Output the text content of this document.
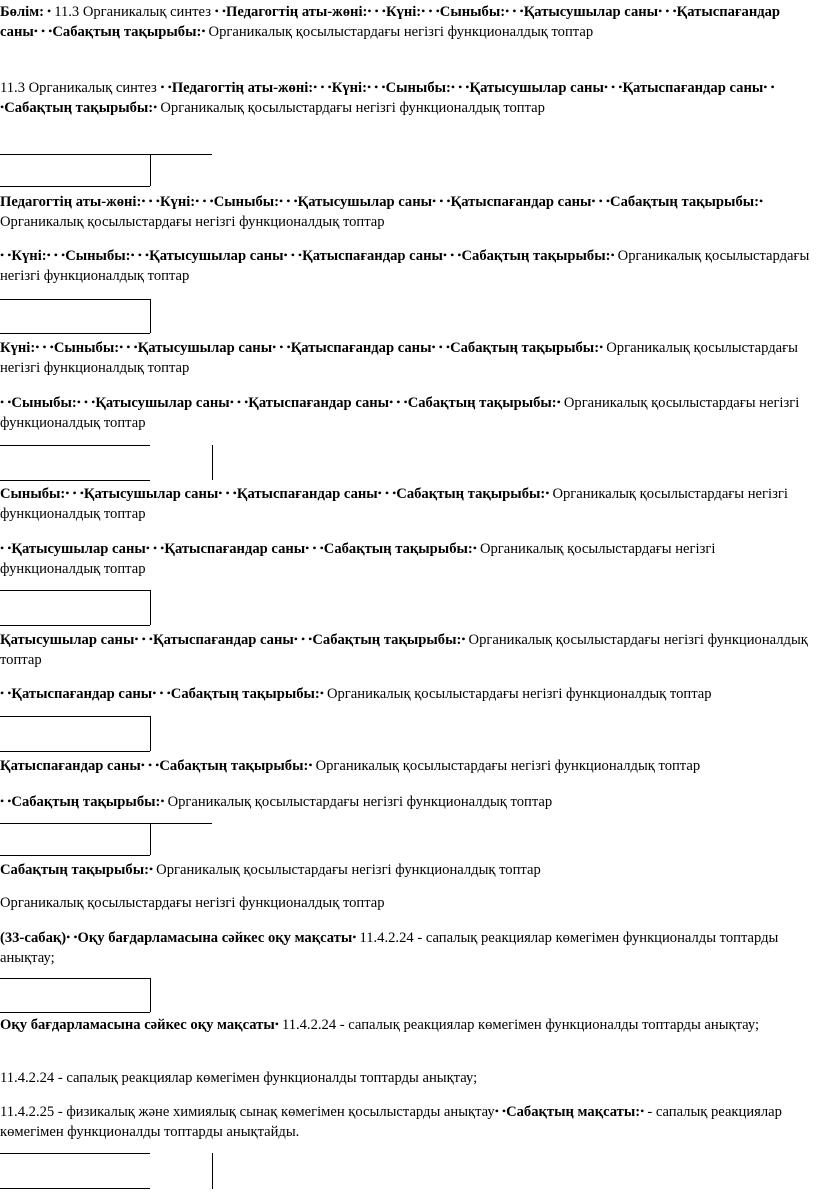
Бөлім: • 11.3 Органикалық синтез • •Педагогтің аты-жөні:• • •Күні:• • •Сыныбы:• • •Қатысушылар саны• • •Қатыспағандар саны• • •Сабақтың тақырыбы:• Органикалық қосылыстардағы негізгі функционалдық топтар

11.3 Органикалық синтез • •Педагогтің аты-жөні:• • •Күні:• • •Сыныбы:• • •Қатысушылар саны• • •Қатыспағандар саны• • •Сабақтың тақырыбы:• Органикалық қосылыстардағы негізгі функционалдық топтар

Педагогтің аты-жөні:• • •Күні:• • •Сыныбы:• • •Қатысушылар саны• • •Қатыспағандар саны• • •Сабақтың тақырыбы:• Органикалық қосылыстардағы негізгі функционалдық топтар

• •Күні:• • •Сыныбы:• • •Қатысушылар саны• • •Қатыспағандар саны• • •Сабақтың тақырыбы:• Органикалық қосылыстардағы негізгі функционалдық топтар

Күні:• • •Сыныбы:• • •Қатысушылар саны• • •Қатыспағандар саны• • •Сабақтың тақырыбы:• Органикалық қосылыстардағы негізгі функционалдық топтар

• •Сыныбы:• • •Қатысушылар саны• • •Қатыспағандар саны• • •Сабақтың тақырыбы:• Органикалық қосылыстардағы негізгі функционалдық топтар

Сыныбы:• • •Қатысушылар саны• • •Қатыспағандар саны• • •Сабақтың тақырыбы:• Органикалық қосылыстардағы негізгі функционалдық топтар

• •Қатысушылар саны• • •Қатыспағандар саны• • •Сабақтың тақырыбы:• Органикалық қосылыстардағы негізгі функционалдық топтар

Қатысушылар саны• • •Қатыспағандар саны• • •Сабақтың тақырыбы:• Органикалық қосылыстардағы негізгі функционалдық топтар

• •Қатыспағандар саны• • •Сабақтың тақырыбы:• Органикалық қосылыстардағы негізгі функционалдық топтар

Қатыспағандар саны• • •Сабақтың тақырыбы:• Органикалық қосылыстардағы негізгі функционалдық топтар

• •Сабақтың тақырыбы:• Органикалық қосылыстардағы негізгі функционалдық топтар

Сабақтың тақырыбы:• Органикалық қосылыстардағы негізгі функционалдық топтар

Органикалық қосылыстардағы негізгі функционалдық топтар

(33-сабақ)• •Оқу бағдарламасына сәйкес оқу мақсаты• 11.4.2.24 - сапалық реакциялар көмегімен функционалды топтарды анықтау;

Оқу бағдарламасына сәйкес оқу мақсаты• 11.4.2.24 - сапалық реакциялар көмегімен функционалды топтарды анықтау;

11.4.2.24 - сапалық реакциялар көмегімен функционалды топтарды анықтау;

11.4.2.25 - физикалық және химиялық сынақ көмегімен қосылыстарды анықтау• •Сабақтың мақсаты:• - сапалық реакциялар көмегімен функционалды топтарды анықтайды.
